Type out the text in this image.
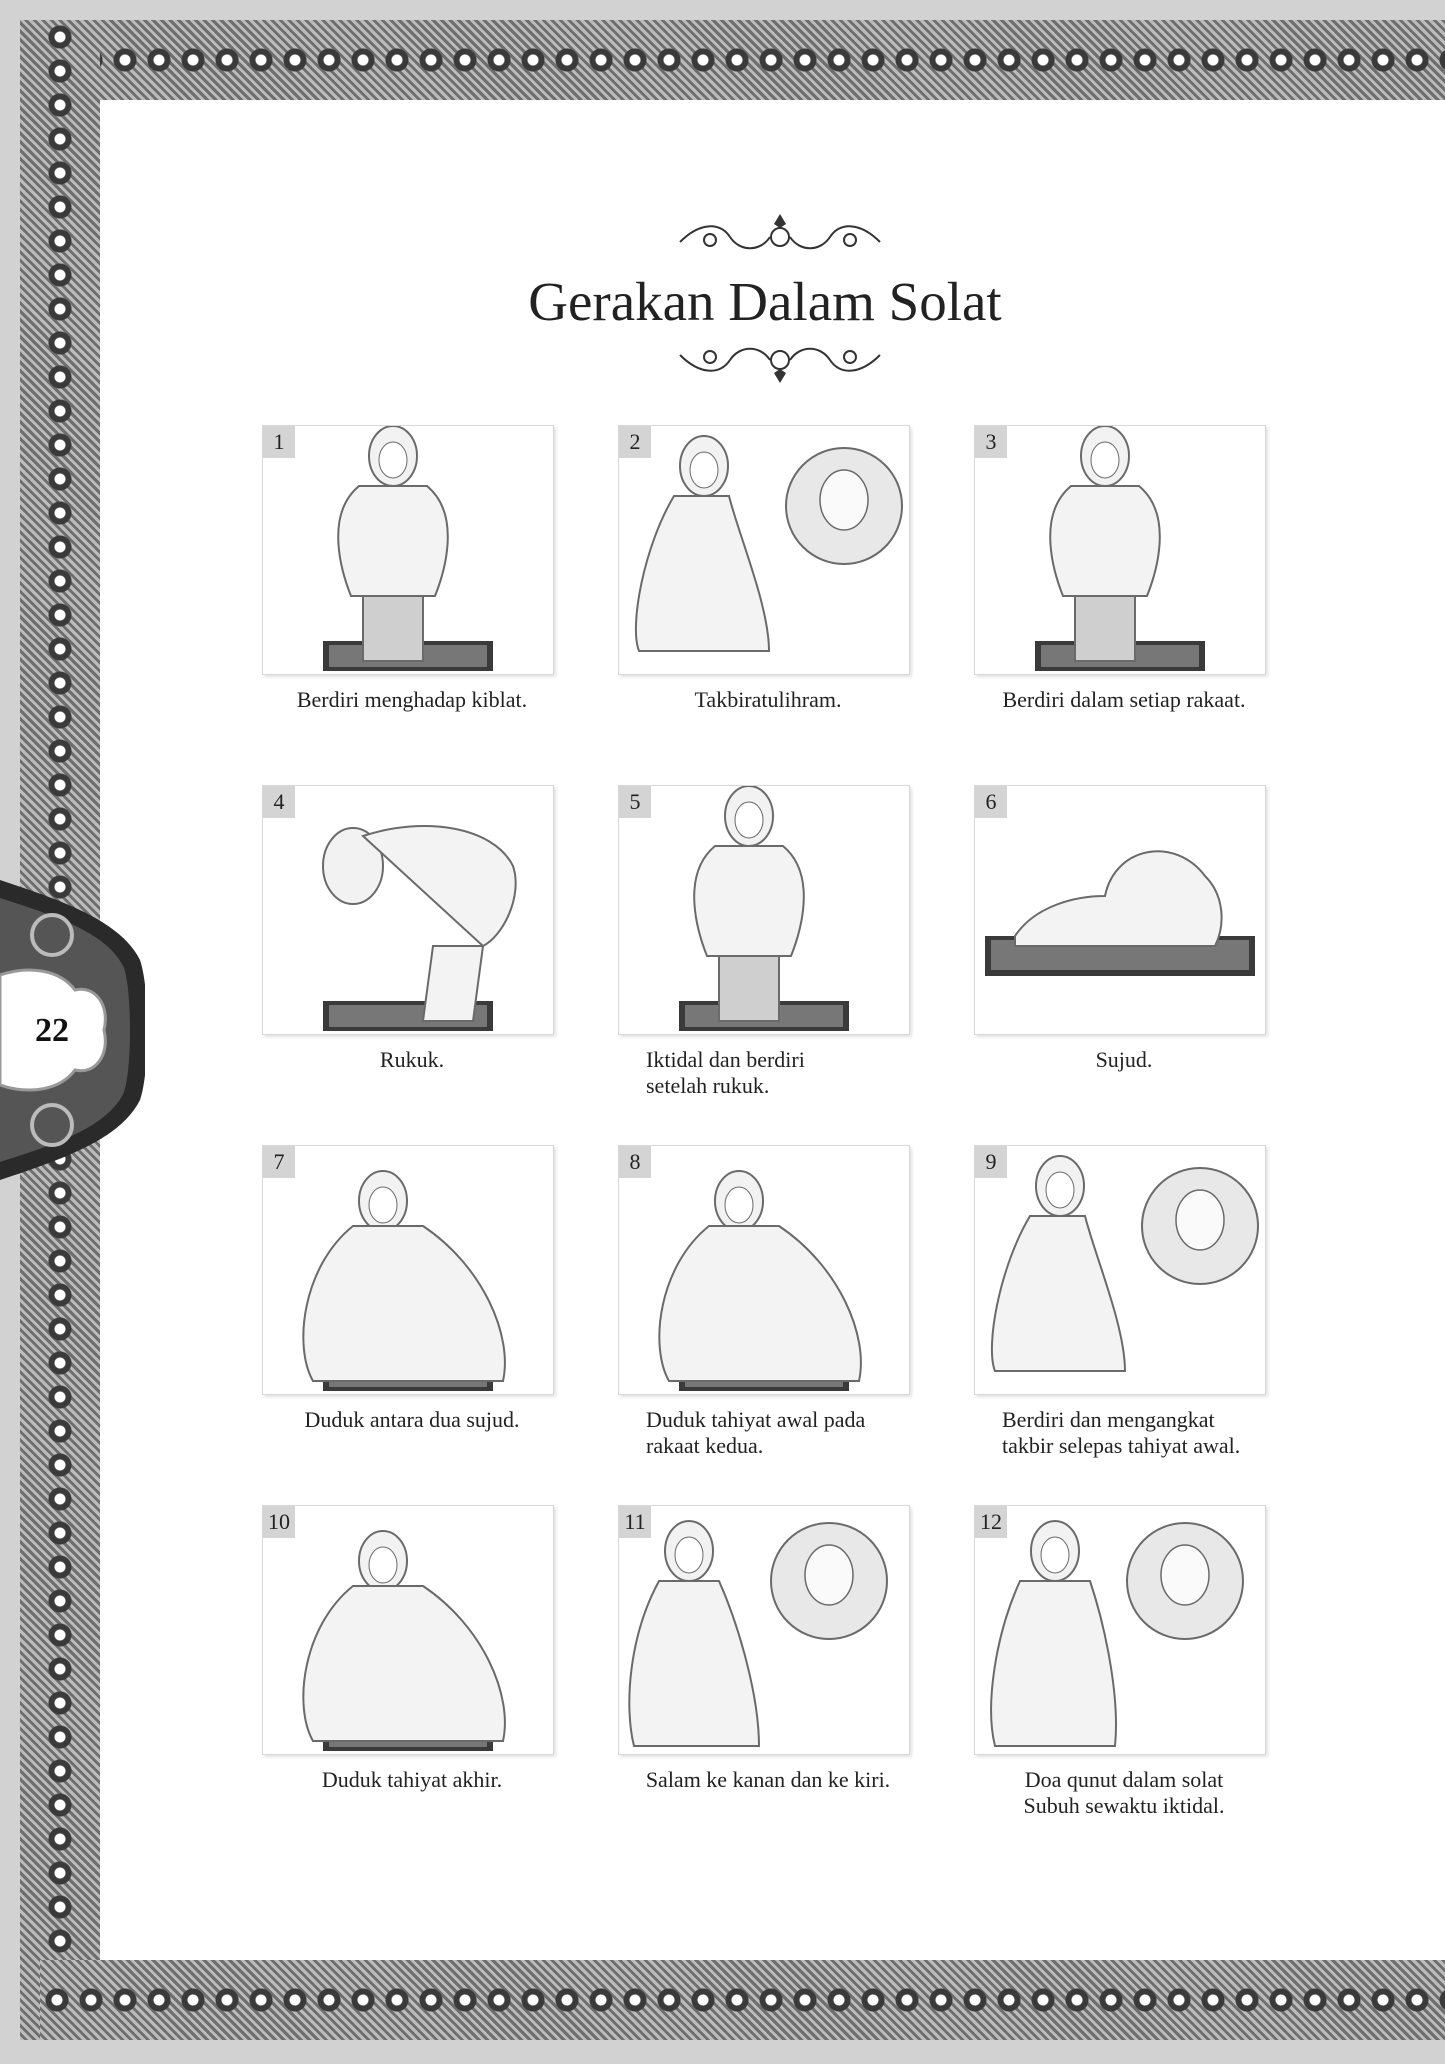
22
Gerakan Dalam Solat
1
Berdiri menghadap kiblat.
2
Takbiratulihram.
3
Berdiri dalam setiap rakaat.
4
Rukuk.
5
Iktidal dan berdiri
setelah rukuk.
6
Sujud.
7
Duduk antara dua sujud.
8
Duduk tahiyat awal pada
rakaat kedua.
9
Berdiri dan mengangkat
takbir selepas tahiyat awal.
10
Duduk tahiyat akhir.
11
Salam ke kanan dan ke kiri.
12
Doa qunut dalam solat
Subuh sewaktu iktidal.
